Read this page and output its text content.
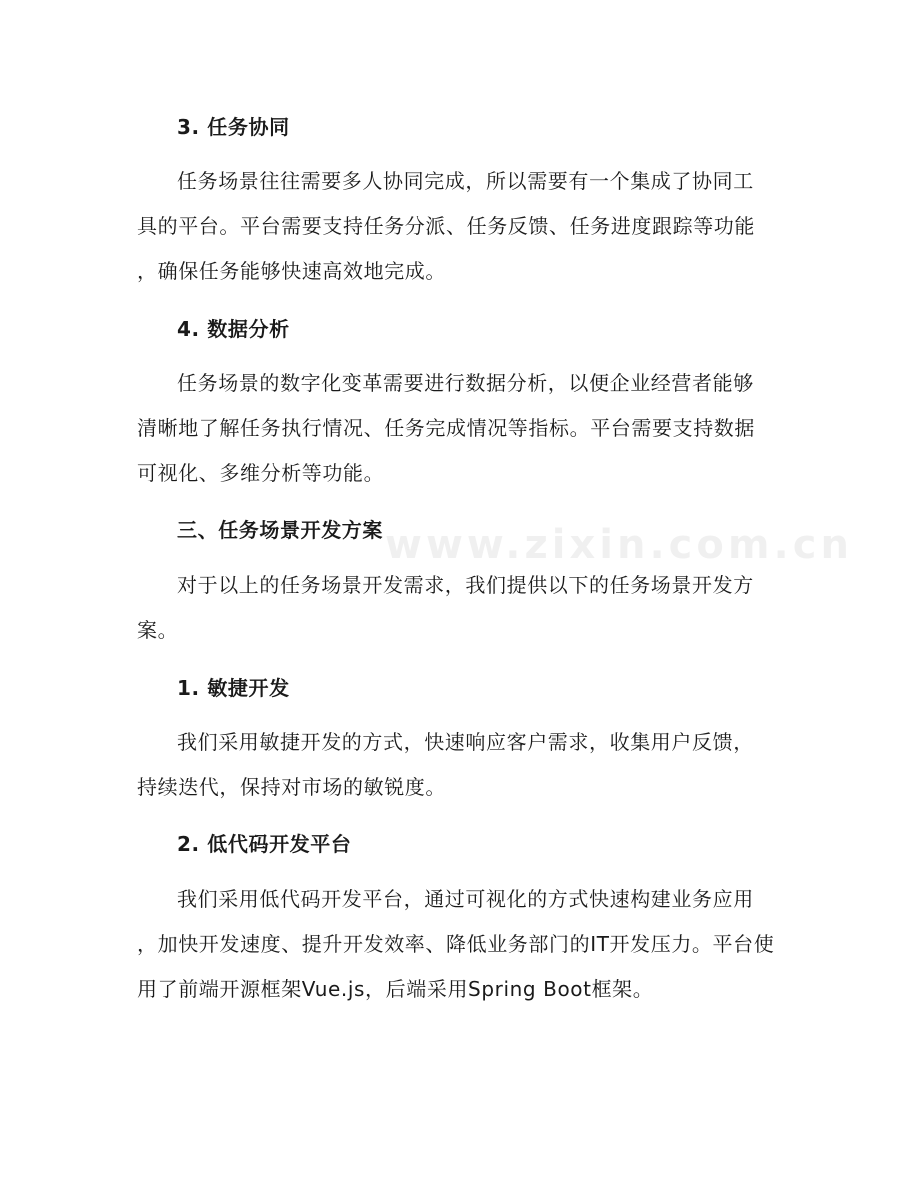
www.zixin.com.cn
3. 任务协同
任务场景往往需要多人协同完成，所以需要有一个集成了协同工
具的平台。平台需要支持任务分派、任务反馈、任务进度跟踪等功能
，确保任务能够快速高效地完成。
4. 数据分析
任务场景的数字化变革需要进行数据分析，以便企业经营者能够
清晰地了解任务执行情况、任务完成情况等指标。平台需要支持数据
可视化、多维分析等功能。
三、任务场景开发方案
对于以上的任务场景开发需求，我们提供以下的任务场景开发方
案。
1. 敏捷开发
我们采用敏捷开发的方式，快速响应客户需求，收集用户反馈，
持续迭代，保持对市场的敏锐度。
2. 低代码开发平台
我们采用低代码开发平台，通过可视化的方式快速构建业务应用
，加快开发速度、提升开发效率、降低业务部门的IT开发压力。平台使
用了前端开源框架Vue.js，后端采用Spring Boot框架。
